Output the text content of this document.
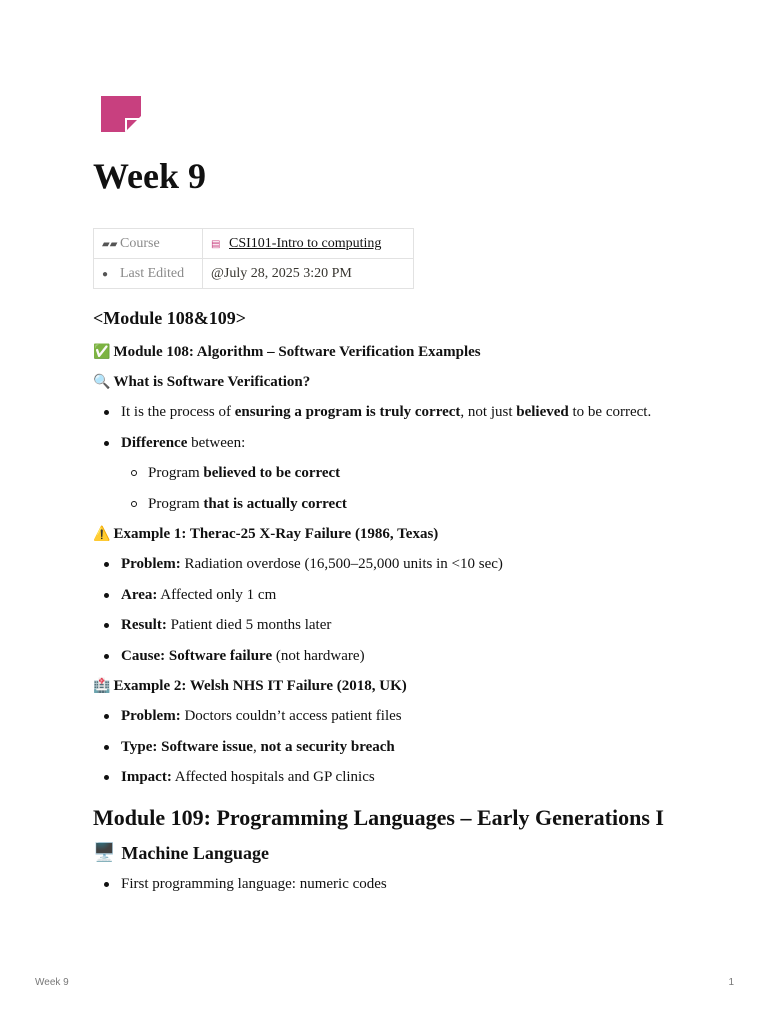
Week 9
▰▰ Course	▤ CSI101-Intro to computing
● Last Edited	@July 28, 2025 3:20 PM
<Module 108&109>
✅ Module 108: Algorithm – Software Verification Examples
🔍 What is Software Verification?
It is the process of ensuring a program is truly correct, not just believed to be correct.
Difference between:
Program believed to be correct
Program that is actually correct
⚠️ Example 1: Therac-25 X-Ray Failure (1986, Texas)
Problem: Radiation overdose (16,500–25,000 units in <10 sec)
Area: Affected only 1 cm
Result: Patient died 5 months later
Cause: Software failure (not hardware)
🏥 Example 2: Welsh NHS IT Failure (2018, UK)
Problem: Doctors couldn’t access patient files
Type: Software issue, not a security breach
Impact: Affected hospitals and GP clinics
Module 109: Programming Languages – Early Generations I
🖥️ Machine Language
First programming language: numeric codes
Week 9	1
